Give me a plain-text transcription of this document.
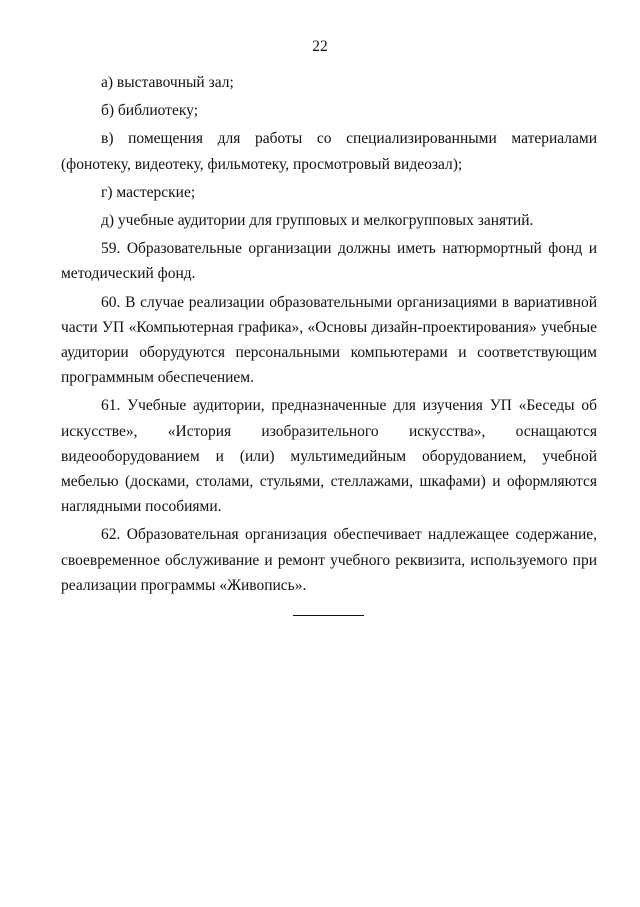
22

а) выставочный зал;

б) библиотеку;

в) помещения для работы со специализированными материалами (фонотеку, видеотеку, фильмотеку, просмотровый видеозал);

г) мастерские;

д) учебные аудитории для групповых и мелкогрупповых занятий.

59. Образовательные организации должны иметь натюрмортный фонд и методический фонд.

60. В случае реализации образовательными организациями в вариативной части УП «Компьютерная графика», «Основы дизайн-проектирования» учебные аудитории оборудуются персональными компьютерами и соответствующим программным обеспечением.

61. Учебные аудитории, предназначенные для изучения УП «Беседы об искусстве», «История изобразительного искусства», оснащаются видеооборудованием и (или) мультимедийным оборудованием, учебной мебелью (досками, столами, стульями, стеллажами, шкафами) и оформляются наглядными пособиями.

62. Образовательная организация обеспечивает надлежащее содержание, своевременное обслуживание и ремонт учебного реквизита, используемого при реализации программы «Живопись».
